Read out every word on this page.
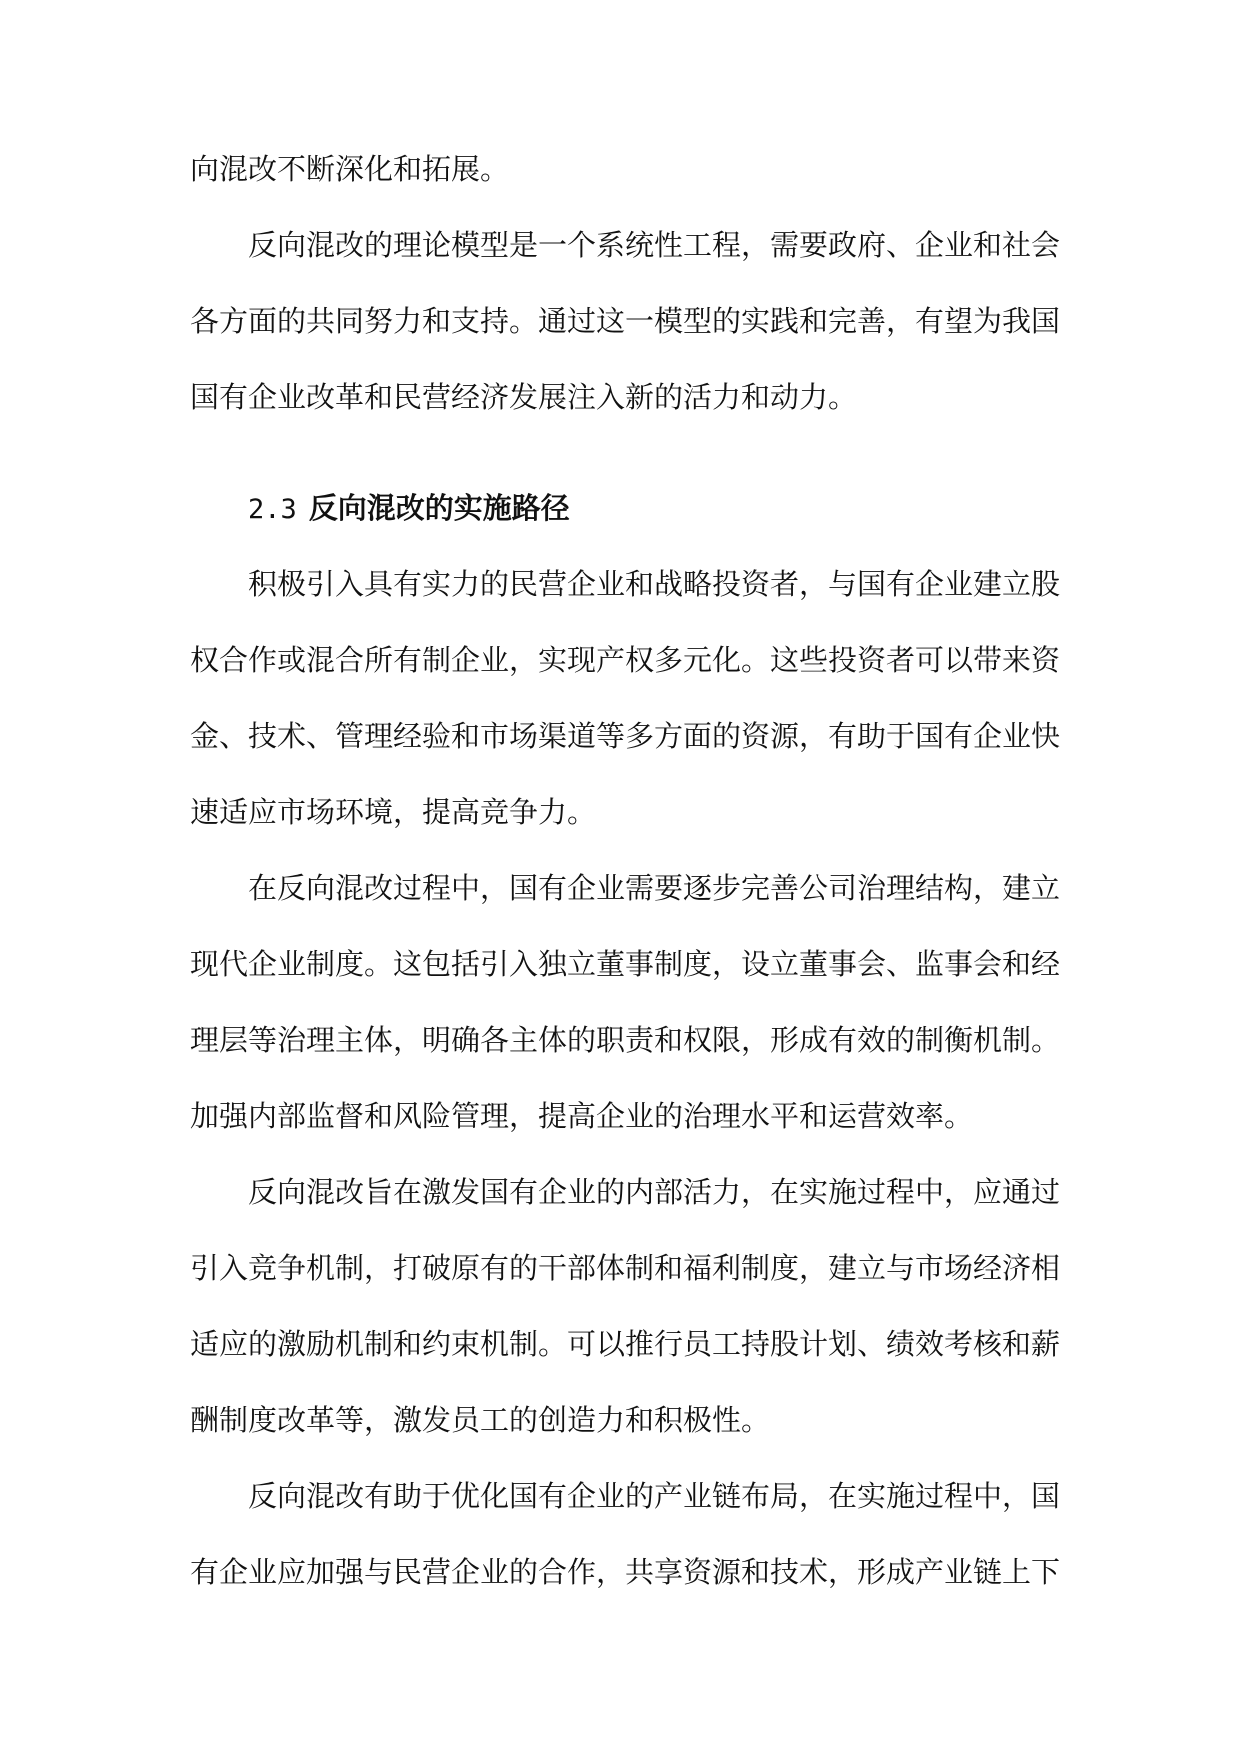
向混改不断深化和拓展。
反向混改的理论模型是一个系统性工程，需要政府、企业和社会
各方面的共同努力和支持。通过这一模型的实践和完善，有望为我国
国有企业改革和民营经济发展注入新的活力和动力。
2.3 反向混改的实施路径
积极引入具有实力的民营企业和战略投资者，与国有企业建立股
权合作或混合所有制企业，实现产权多元化。这些投资者可以带来资
金、技术、管理经验和市场渠道等多方面的资源，有助于国有企业快
速适应市场环境，提高竞争力。
在反向混改过程中，国有企业需要逐步完善公司治理结构，建立
现代企业制度。这包括引入独立董事制度，设立董事会、监事会和经
理层等治理主体，明确各主体的职责和权限，形成有效的制衡机制。
加强内部监督和风险管理，提高企业的治理水平和运营效率。
反向混改旨在激发国有企业的内部活力，在实施过程中，应通过
引入竞争机制，打破原有的干部体制和福利制度，建立与市场经济相
适应的激励机制和约束机制。可以推行员工持股计划、绩效考核和薪
酬制度改革等，激发员工的创造力和积极性。
反向混改有助于优化国有企业的产业链布局，在实施过程中，国
有企业应加强与民营企业的合作，共享资源和技术，形成产业链上下
